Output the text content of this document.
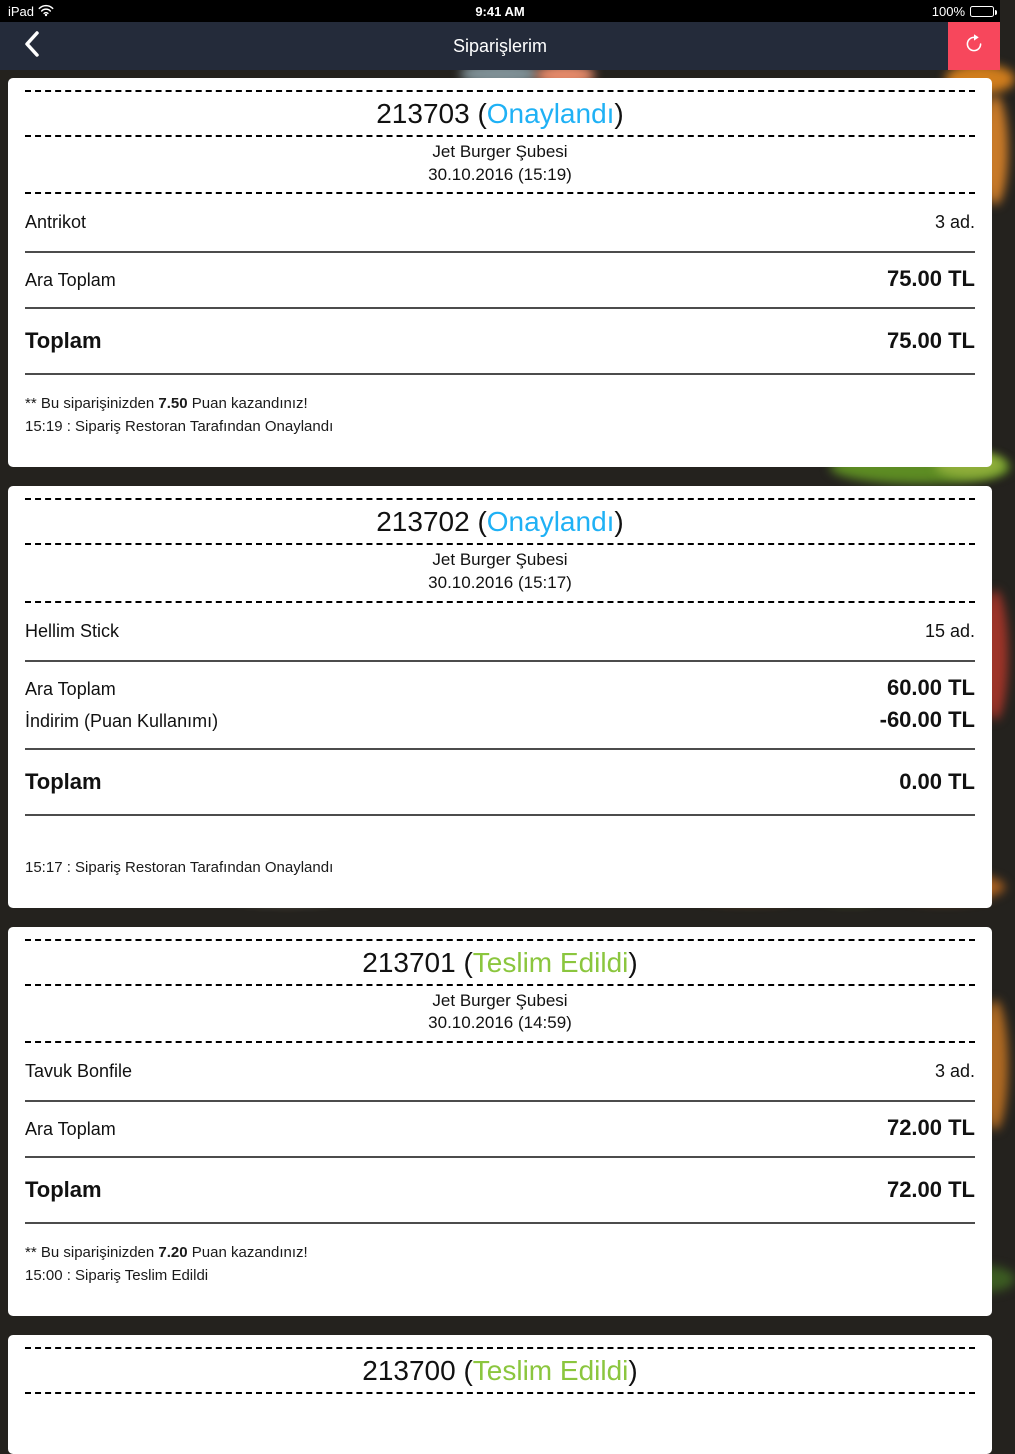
iPad	9:41 AM	100%
Siparişlerim
213703 (Onaylandı)
Jet Burger Şubesi
30.10.2016 (15:19)
Antrikot	3 ad.
Ara Toplam	75.00 TL
Toplam	75.00 TL
** Bu siparişinizden 7.50 Puan kazandınız!
15:19 : Sipariş Restoran Tarafından Onaylandı
213702 (Onaylandı)
Jet Burger Şubesi
30.10.2016 (15:17)
Hellim Stick	15 ad.
Ara Toplam	60.00 TL
İndirim (Puan Kullanımı)	-60.00 TL
Toplam	0.00 TL

15:17 : Sipariş Restoran Tarafından Onaylandı
213701 (Teslim Edildi)
Jet Burger Şubesi
30.10.2016 (14:59)
Tavuk Bonfile	3 ad.
Ara Toplam	72.00 TL
Toplam	72.00 TL
** Bu siparişinizden 7.20 Puan kazandınız!
15:00 : Sipariş Teslim Edildi
213700 (Teslim Edildi)
